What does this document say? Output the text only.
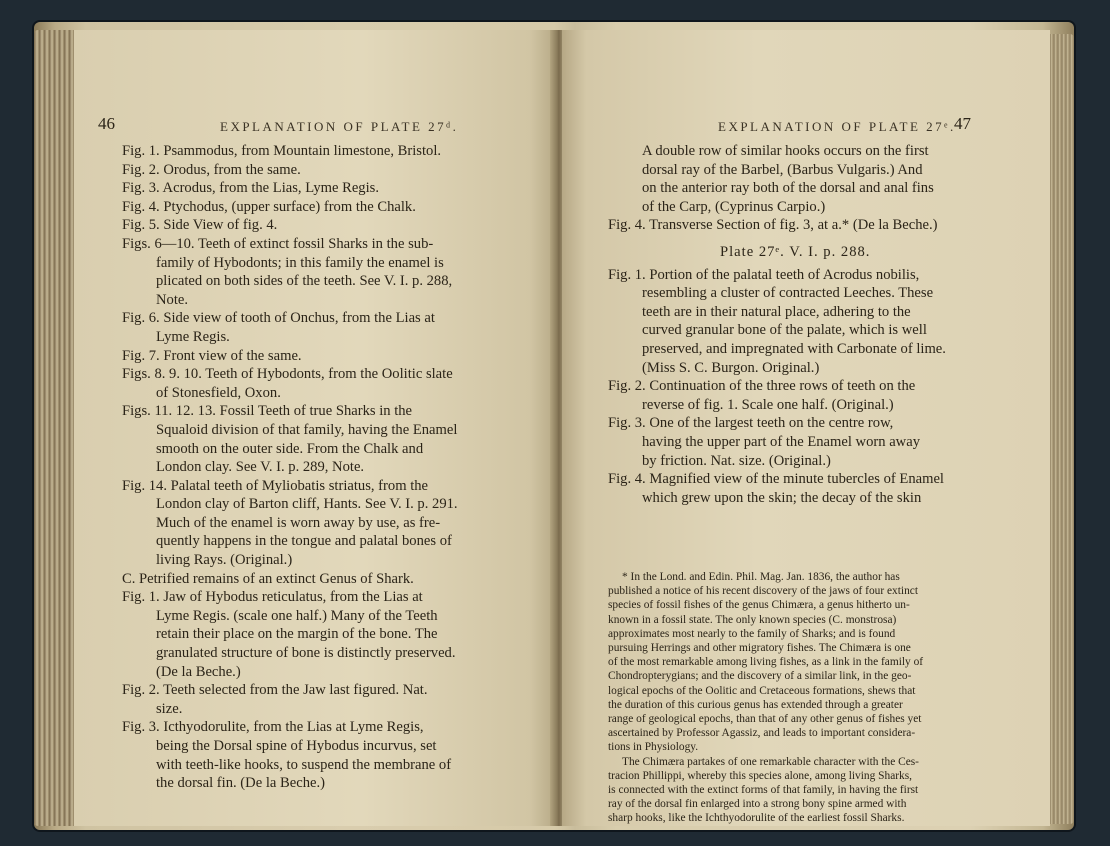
46	EXPLANATION OF PLATE 27ᵈ.
Fig. 1. Psammodus, from Mountain limestone, Bristol.
Fig. 2. Orodus, from the same.
Fig. 3. Acrodus, from the Lias, Lyme Regis.
Fig. 4. Ptychodus, (upper surface) from the Chalk.
Fig. 5. Side View of fig. 4.
Figs. 6—10. Teeth of extinct fossil Sharks in the sub-
family of Hybodonts; in this family the enamel is
plicated on both sides of the teeth. See V. I. p. 288,
Note.
Fig. 6. Side view of tooth of Onchus, from the Lias at
Lyme Regis.
Fig. 7. Front view of the same.
Figs. 8. 9. 10. Teeth of Hybodonts, from the Oolitic slate
of Stonesfield, Oxon.
Figs. 11. 12. 13. Fossil Teeth of true Sharks in the
Squaloid division of that family, having the Enamel
smooth on the outer side. From the Chalk and
London clay. See V. I. p. 289, Note.
Fig. 14. Palatal teeth of Myliobatis striatus, from the
London clay of Barton cliff, Hants. See V. I. p. 291.
Much of the enamel is worn away by use, as fre-
quently happens in the tongue and palatal bones of
living Rays. (Original.)
C. Petrified remains of an extinct Genus of Shark.
Fig. 1. Jaw of Hybodus reticulatus, from the Lias at
Lyme Regis. (scale one half.) Many of the Teeth
retain their place on the margin of the bone. The
granulated structure of bone is distinctly preserved.
(De la Beche.)
Fig. 2. Teeth selected from the Jaw last figured. Nat.
size.
Fig. 3. Icthyodorulite, from the Lias at Lyme Regis,
being the Dorsal spine of Hybodus incurvus, set
with teeth-like hooks, to suspend the membrane of
the dorsal fin. (De la Beche.)
EXPLANATION OF PLATE 27ᵉ.
47
A double row of similar hooks occurs on the first
dorsal ray of the Barbel, (Barbus Vulgaris.) And
on the anterior ray both of the dorsal and anal fins
of the Carp, (Cyprinus Carpio.)
Fig. 4. Transverse Section of fig. 3, at a.* (De la Beche.)
Plate 27ᵉ. V. I. p. 288.
Fig. 1. Portion of the palatal teeth of Acrodus nobilis,
resembling a cluster of contracted Leeches. These
teeth are in their natural place, adhering to the
curved granular bone of the palate, which is well
preserved, and impregnated with Carbonate of lime.
(Miss S. C. Burgon. Original.)
Fig. 2. Continuation of the three rows of teeth on the
reverse of fig. 1. Scale one half. (Original.)
Fig. 3. One of the largest teeth on the centre row,
having the upper part of the Enamel worn away
by friction. Nat. size. (Original.)
Fig. 4. Magnified view of the minute tubercles of Enamel
which grew upon the skin; the decay of the skin

* In the Lond. and Edin. Phil. Mag. Jan. 1836, the author has

published a notice of his recent discovery of the jaws of four extinct

species of fossil fishes of the genus Chimæra, a genus hitherto un-

known in a fossil state. The only known species (C. monstrosa)

approximates most nearly to the family of Sharks; and is found

pursuing Herrings and other migratory fishes. The Chimæra is one

of the most remarkable among living fishes, as a link in the family of

Chondropterygians; and the discovery of a similar link, in the geo-

logical epochs of the Oolitic and Cretaceous formations, shews that

the duration of this curious genus has extended through a greater

range of geological epochs, than that of any other genus of fishes yet

ascertained by Professor Agassiz, and leads to important considera-

tions in Physiology.

The Chimæra partakes of one remarkable character with the Ces-

tracion Phillippi, whereby this species alone, among living Sharks,

is connected with the extinct forms of that family, in having the first

ray of the dorsal fin enlarged into a strong bony spine armed with

sharp hooks, like the Ichthyodorulite of the earliest fossil Sharks.
